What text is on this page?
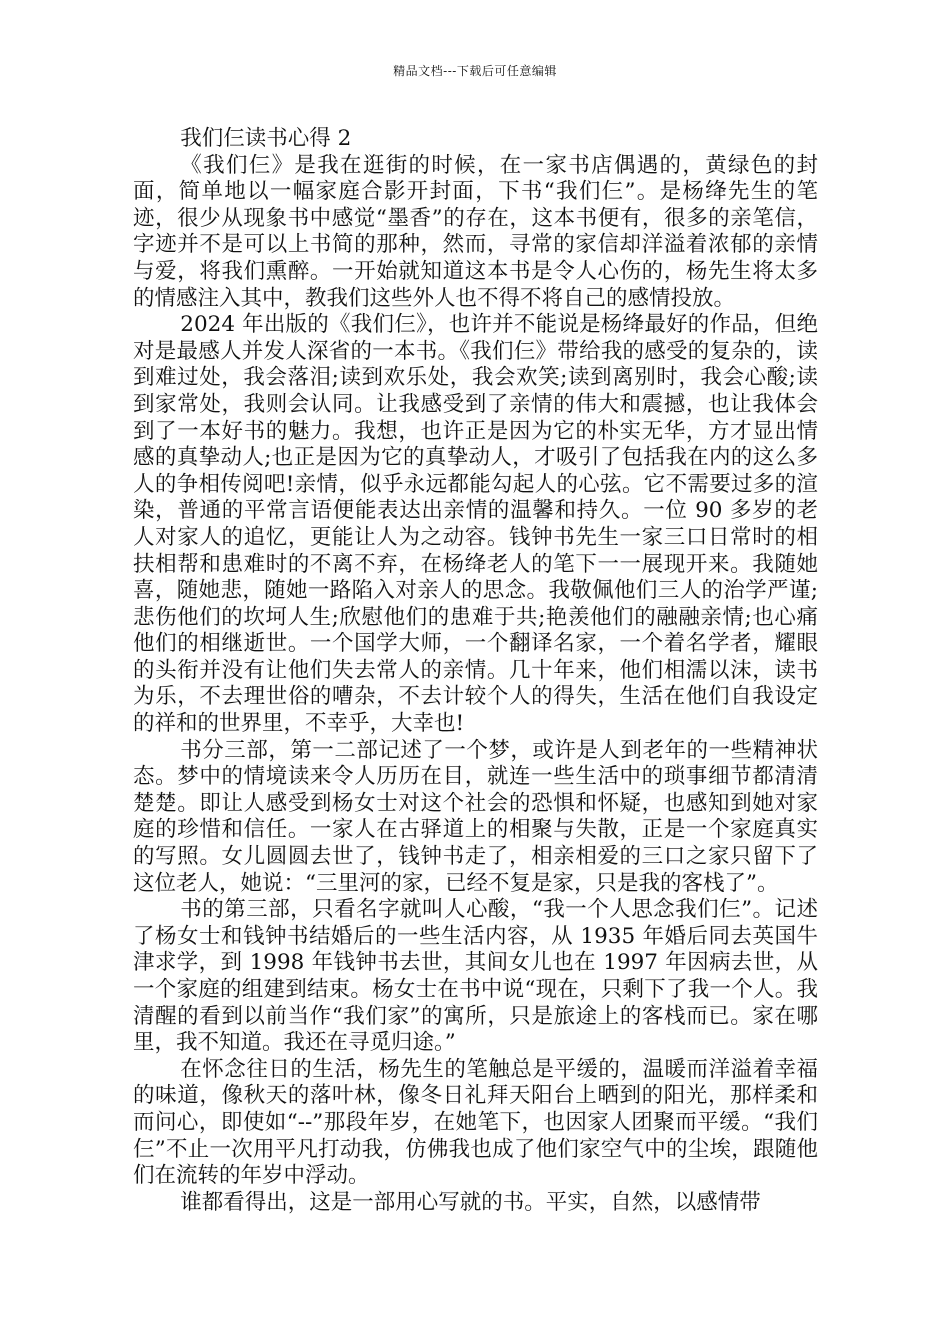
精品文档---下载后可任意编辑
我们仨读书心得 2

《我们仨》是我在逛街的时候，在一家书店偶遇的，黄绿色的封面，简单地以一幅家庭合影开封面，下书“我们仨”。是杨绛先生的笔迹，很少从现象书中感觉“墨香”的存在，这本书便有，很多的亲笔信，字迹并不是可以上书简的那种，然而，寻常的家信却洋溢着浓郁的亲情与爱，将我们熏醉。一开始就知道这本书是令人心伤的，杨先生将太多的情感注入其中，教我们这些外人也不得不将自己的感情投放。

2024 年出版的《我们仨》，也许并不能说是杨绛最好的作品，但绝对是最感人并发人深省的一本书。《我们仨》带给我的感受的复杂的，读到难过处，我会落泪;读到欢乐处，我会欢笑;读到离别时，我会心酸;读到家常处，我则会认同。让我感受到了亲情的伟大和震撼，也让我体会到了一本好书的魅力。我想，也许正是因为它的朴实无华，方才显出情感的真挚动人;也正是因为它的真挚动人，才吸引了包括我在内的这么多人的争相传阅吧!亲情，似乎永远都能勾起人的心弦。它不需要过多的渲染，普通的平常言语便能表达出亲情的温馨和持久。一位 90 多岁的老人对家人的追忆，更能让人为之动容。钱钟书先生一家三口日常时的相扶相帮和患难时的不离不弃，在杨绛老人的笔下一一展现开来。我随她喜，随她悲，随她一路陷入对亲人的思念。我敬佩他们三人的治学严谨;悲伤他们的坎坷人生;欣慰他们的患难于共;艳羡他们的融融亲情;也心痛他们的相继逝世。一个国学大师，一个翻译名家，一个着名学者，耀眼的头衔并没有让他们失去常人的亲情。几十年来，他们相濡以沫，读书为乐，不去理世俗的嘈杂，不去计较个人的得失，生活在他们自我设定的祥和的世界里，不幸乎，大幸也!

书分三部，第一二部记述了一个梦，或许是人到老年的一些精神状态。梦中的情境读来令人历历在目，就连一些生活中的琐事细节都清清楚楚。即让人感受到杨女士对这个社会的恐惧和怀疑，也感知到她对家庭的珍惜和信任。一家人在古驿道上的相聚与失散，正是一个家庭真实的写照。女儿圆圆去世了，钱钟书走了，相亲相爱的三口之家只留下了这位老人，她说：“三里河的家，已经不复是家，只是我的客栈了”。

书的第三部，只看名字就叫人心酸，“我一个人思念我们仨”。记述了杨女士和钱钟书结婚后的一些生活内容，从 1935 年婚后同去英国牛津求学，到 1998 年钱钟书去世，其间女儿也在 1997 年因病去世，从一个家庭的组建到结束。杨女士在书中说“现在，只剩下了我一个人。我清醒的看到以前当作“我们家”的寓所，只是旅途上的客栈而已。家在哪里，我不知道。我还在寻觅归途。”

在怀念往日的生活，杨先生的笔触总是平缓的，温暖而洋溢着幸福的味道，像秋天的落叶林，像冬日礼拜天阳台上晒到的阳光，那样柔和而问心，即使如“--”那段年岁，在她笔下，也因家人团聚而平缓。“我们仨”不止一次用平凡打动我，仿佛我也成了他们家空气中的尘埃，跟随他们在流转的年岁中浮动。

谁都看得出，这是一部用心写就的书。平实，自然，以感情带
